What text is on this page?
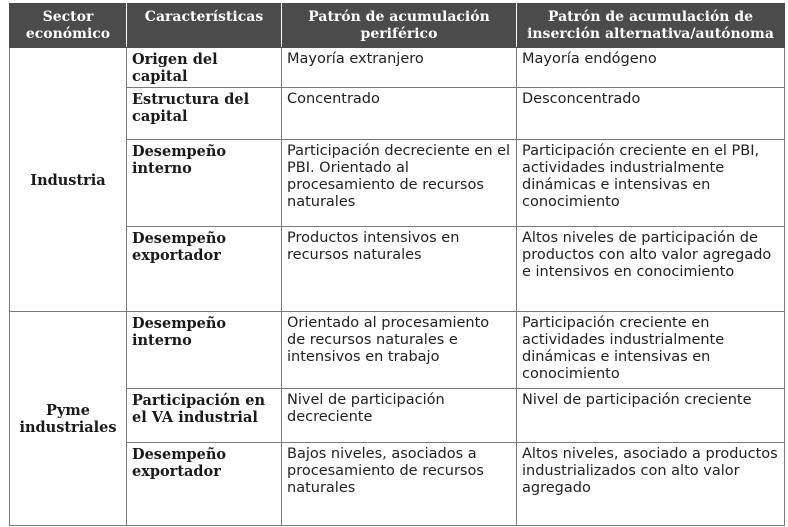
Sector económico	Características	Patrón de acumulación periférico	Patrón de acumulación de inserción alternativa/autónoma
Industria	Origen del capital	Mayoría extranjero	Mayoría endógeno
	Estructura del capital	Concentrado	Desconcentrado
	Desempeño interno	Participación decreciente en el PBI. Orientado al procesamiento de recursos naturales	Participación creciente en el PBI, actividades industrialmente dinámicas e intensivas en conocimiento
	Desempeño exportador	Productos intensivos en recursos naturales	Altos niveles de participación de productos con alto valor agregado e intensivos en conocimiento
Pyme industriales	Desempeño interno	Orientado al procesamiento de recursos naturales e intensivos en trabajo	Participación creciente en actividades industrialmente dinámicas e intensivas en conocimiento
	Participación en el VA industrial	Nivel de participación decreciente	Nivel de participación creciente
	Desempeño exportador	Bajos niveles, asociados a procesamiento de recursos naturales	Altos niveles, asociado a productos industrializados con alto valor agregado
